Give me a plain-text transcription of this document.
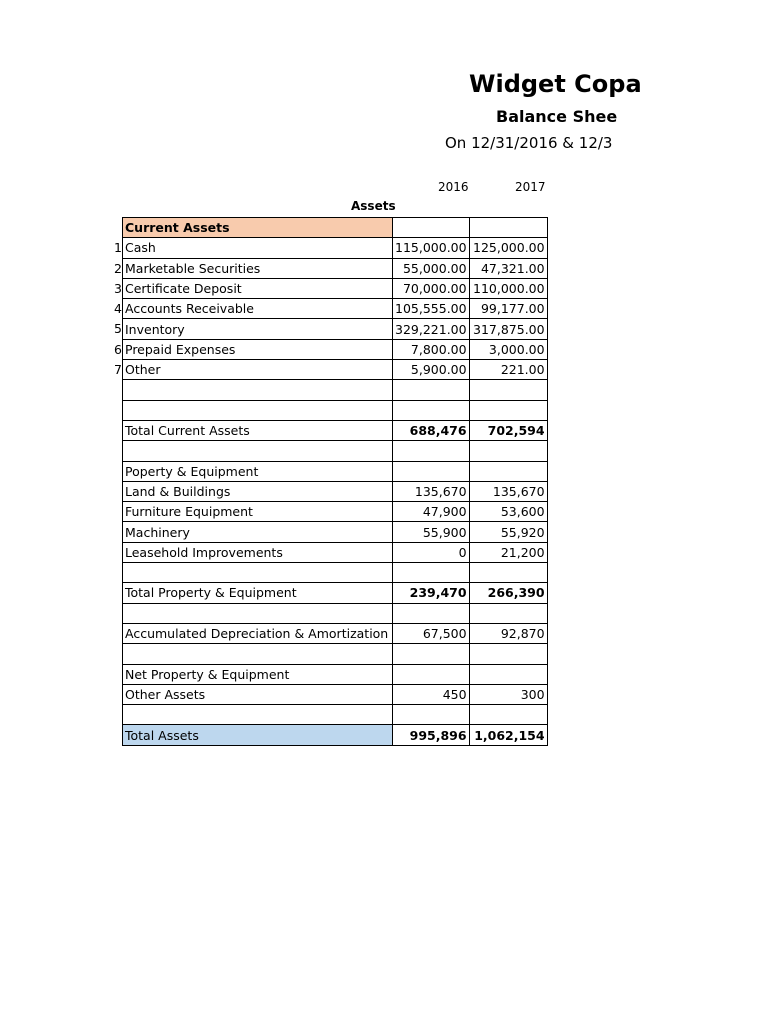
Widget Copa
Balance Shee
On 12/31/2016 & 12/3
2016	2017
Assets
Current Assets		

1 Cash	115,000.00	125,000.00

2 Marketable Securities	55,000.00	47,321.00

3 Certificate Deposit	70,000.00	110,000.00

4 Accounts Receivable	105,555.00	99,177.00

5 Inventory	329,221.00	317,875.00

6 Prepaid Expenses	7,800.00	3,000.00

7 Other	5,900.00	221.00

Total Current Assets	688,476	702,594

Poperty & Equipment		
Land & Buildings	135,670	135,670
Furniture Equipment	47,900	53,600
Machinery	55,900	55,920
Leasehold Improvements	0	21,200

Total Property & Equipment	239,470	266,390

Accumulated Depreciation & Amortization	67,500	92,870

Net Property & Equipment		
Other Assets	450	300

Total Assets	995,896	1,062,154
